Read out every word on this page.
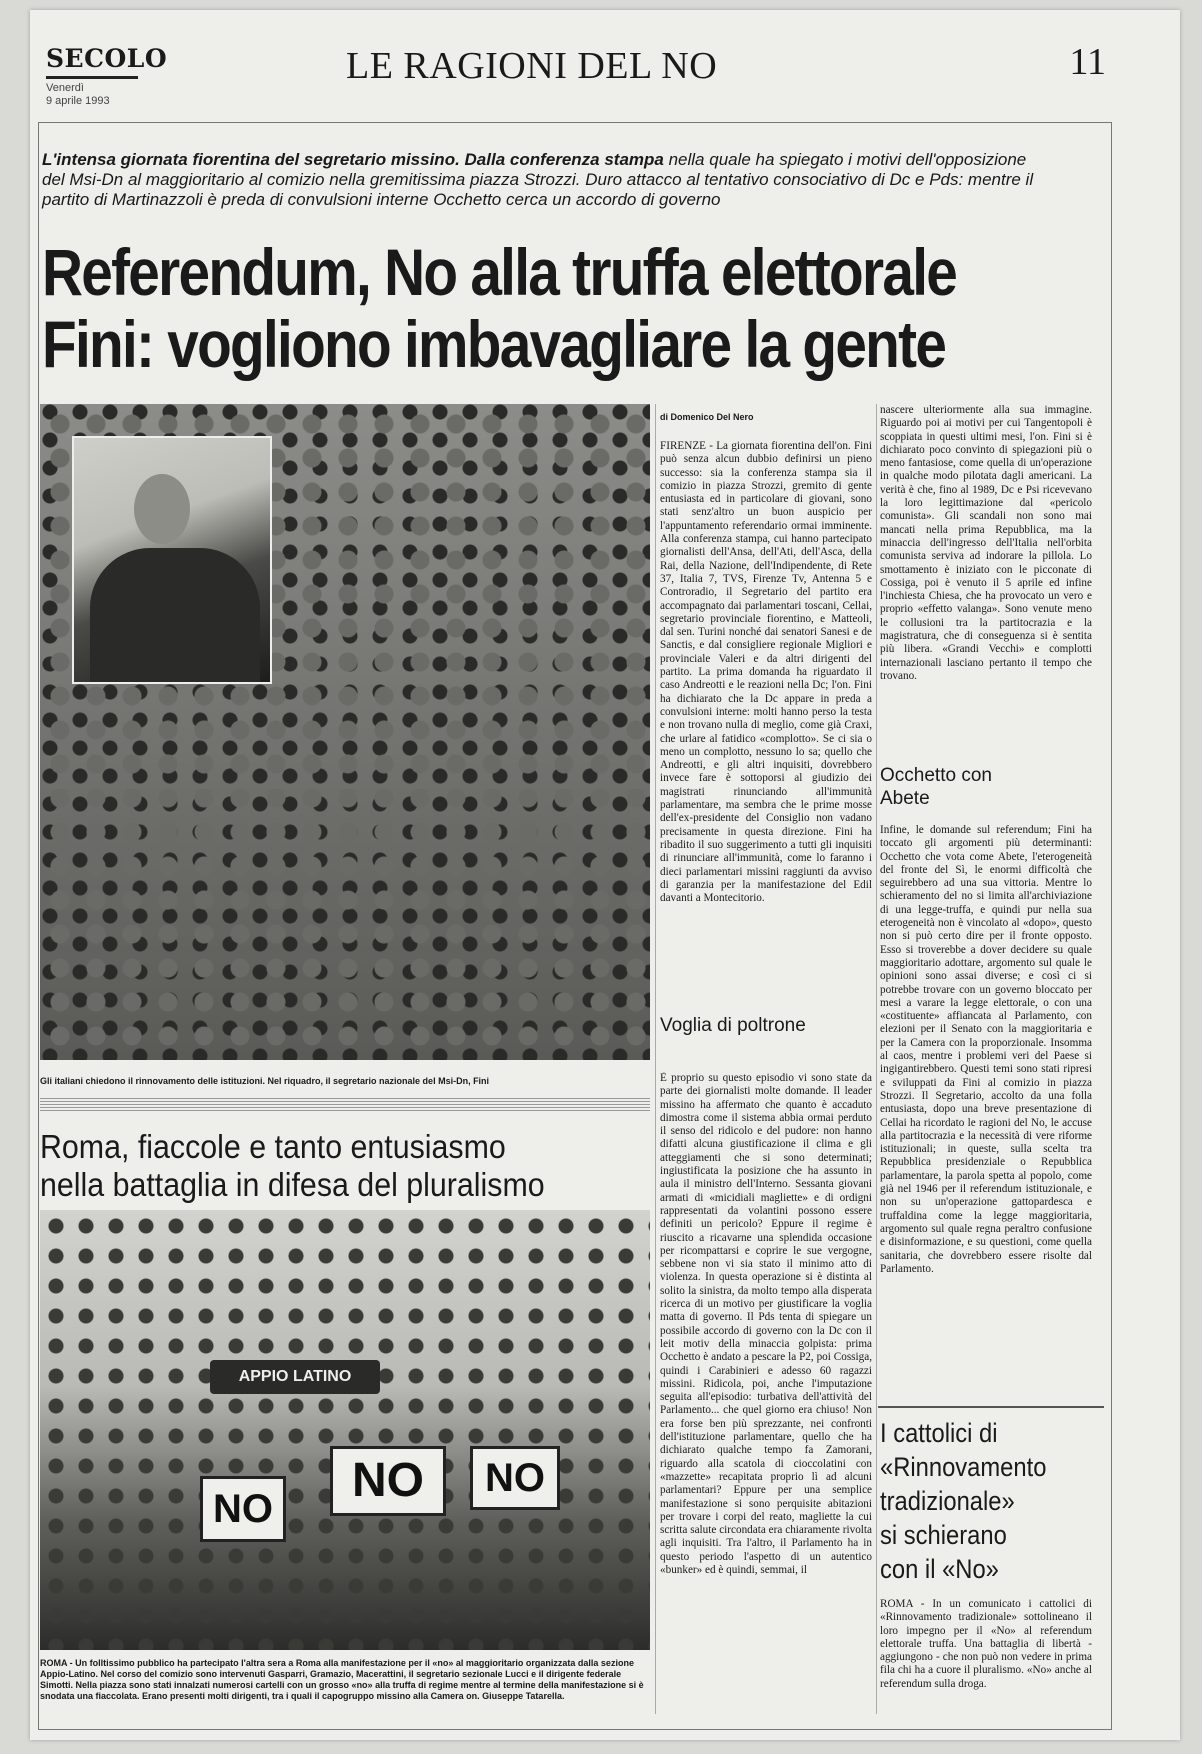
SECOLO
Venerdì
9 aprile 1993
LE RAGIONI DEL NO	11
L'intensa giornata fiorentina del segretario missino. Dalla conferenza stampa nella quale ha spiegato i motivi dell'opposizione del Msi-Dn al maggioritario al comizio nella gremitissima piazza Strozzi. Duro attacco al tentativo consociativo di Dc e Pds: mentre il partito di Martinazzoli è preda di convulsioni interne Occhetto cerca un accordo di governo
Referendum, No alla truffa elettorale
Fini: vogliono imbavagliare la gente
Gli italiani chiedono il rinnovamento delle istituzioni. Nel riquadro, il segretario nazionale del Msi-Dn, Fini
Roma, fiaccole e tanto entusiasmo
nella battaglia in difesa del pluralismo
APPIO LATINO
NO
NO
NO
ROMA - Un folltissimo pubblico ha partecipato l'altra sera a Roma alla manifestazione per il «no» al maggioritario organizzata dalla sezione Appio-Latino. Nel corso del comizio sono intervenuti Gasparri, Gramazio, Macerattini, il segretario sezionale Lucci e il dirigente federale Simotti. Nella piazza sono stati innalzati numerosi cartelli con un grosso «no» alla truffa di regime mentre al termine della manifestazione si è snodata una fiaccolata. Erano presenti molti dirigenti, tra i quali il capogruppo missino alla Camera on. Giuseppe Tatarella.
di Domenico Del Nero
FIRENZE - La giornata fiorentina dell'on. Fini può senza alcun dubbio definirsi un pieno successo: sia la conferenza stampa sia il comizio in piazza Strozzi, gremito di gente entusiasta ed in particolare di giovani, sono stati senz'altro un buon auspicio per l'appuntamento referendario ormai imminente. Alla conferenza stampa, cui hanno partecipato giornalisti dell'Ansa, dell'Ati, dell'Asca, della Rai, della Nazione, dell'Indipendente, di Rete 37, Italia 7, TVS, Firenze Tv, Antenna 5 e Controradio, il Segretario del partito era accompagnato dai parlamentari toscani, Cellai, segretario provinciale fiorentino, e Matteoli, dal sen. Turini nonché dai senatori Sanesi e de Sanctis, e dal consigliere regionale Migliori e provinciale Valeri e da altri dirigenti del partito. La prima domanda ha riguardato il caso Andreotti e le reazioni nella Dc; l'on. Fini ha dichiarato che la Dc appare in preda a convulsioni interne: molti hanno perso la testa e non trovano nulla di meglio, come già Craxi, che urlare al fatidico «complotto». Se ci sia o meno un complotto, nessuno lo sa; quello che Andreotti, e gli altri inquisiti, dovrebbero invece fare è sottoporsi al giudizio dei magistrati rinunciando all'immunità parlamentare, ma sembra che le prime mosse dell'ex-presidente del Consiglio non vadano precisamente in questa direzione. Fini ha ribadito il suo suggerimento a tutti gli inquisiti di rinunciare all'immunità, come lo faranno i dieci parlamentari missini raggiunti da avviso di garanzia per la manifestazione del Edil davanti a Montecitorio.
Voglia di poltrone
È proprio su questo episodio vi sono state da parte dei giornalisti molte domande. Il leader missino ha affermato che quanto è accaduto dimostra come il sistema abbia ormai perduto il senso del ridicolo e del pudore: non hanno difatti alcuna giustificazione il clima e gli atteggiamenti che si sono determinati; ingiustificata la posizione che ha assunto in aula il ministro dell'Interno. Sessanta giovani armati di «micidiali magliette» e di ordigni rappresentati da volantini possono essere definiti un pericolo? Eppure il regime è riuscito a ricavarne una splendida occasione per ricompattarsi e coprire le sue vergogne, sebbene non vi sia stato il minimo atto di violenza. In questa operazione si è distinta al solito la sinistra, da molto tempo alla disperata ricerca di un motivo per giustificare la voglia matta di governo. Il Pds tenta di spiegare un possibile accordo di governo con la Dc con il leit motiv della minaccia golpista: prima Occhetto è andato a pescare la P2, poi Cossiga, quindi i Carabinieri e adesso 60 ragazzi missini. Ridicola, poi, anche l'imputazione seguita all'episodio: turbativa dell'attività del Parlamento... che quel giorno era chiuso! Non era forse ben più sprezzante, nei confronti dell'istituzione parlamentare, quello che ha dichiarato qualche tempo fa Zamorani, riguardo alla scatola di cioccolatini con «mazzette» recapitata proprio lì ad alcuni parlamentari? Eppure per una semplice manifestazione si sono perquisite abitazioni per trovare i corpi del reato, magliette la cui scritta salute circondata era chiaramente rivolta agli inquisiti. Tra l'altro, il Parlamento ha in questo periodo l'aspetto di un autentico «bunker» ed è quindi, semmai, il
nascere ulteriormente alla sua immagine. Riguardo poi ai motivi per cui Tangentopoli è scoppiata in questi ultimi mesi, l'on. Fini si è dichiarato poco convinto di spiegazioni più o meno fantasiose, come quella di un'operazione in qualche modo pilotata dagli americani. La verità è che, fino al 1989, Dc e Psi ricevevano la loro legittimazione dal «pericolo comunista». Gli scandali non sono mai mancati nella prima Repubblica, ma la minaccia dell'ingresso dell'Italia nell'orbita comunista serviva ad indorare la pillola. Lo smottamento è iniziato con le picconate di Cossiga, poi è venuto il 5 aprile ed infine l'inchiesta Chiesa, che ha provocato un vero e proprio «effetto valanga». Sono venute meno le collusioni tra la partitocrazia e la magistratura, che di conseguenza si è sentita più libera. «Grandi Vecchi» e complotti internazionali lasciano pertanto il tempo che trovano.
Occhetto con Abete
Infine, le domande sul referendum; Fini ha toccato gli argomenti più determinanti: Occhetto che vota come Abete, l'eterogeneità del fronte del Sì, le enormi difficoltà che seguirebbero ad una sua vittoria. Mentre lo schieramento del no si limita all'archiviazione di una legge-truffa, e quindi pur nella sua eterogeneità non è vincolato al «dopo», questo non si può certo dire per il fronte opposto. Esso si troverebbe a dover decidere su quale maggioritario adottare, argomento sul quale le opinioni sono assai diverse; e così ci si potrebbe trovare con un governo bloccato per mesi a varare la legge elettorale, o con una «costituente» affiancata al Parlamento, con elezioni per il Senato con la maggioritaria e per la Camera con la proporzionale. Insomma al caos, mentre i problemi veri del Paese si ingigantirebbero. Questi temi sono stati ripresi e sviluppati da Fini al comizio in piazza Strozzi. Il Segretario, accolto da una folla entusiasta, dopo una breve presentazione di Cellai ha ricordato le ragioni del No, le accuse alla partitocrazia e la necessità di vere riforme istituzionali; in queste, sulla scelta tra Repubblica presidenziale o Repubblica parlamentare, la parola spetta al popolo, come già nel 1946 per il referendum istituzionale, e non su un'operazione gattopardesca e truffaldina come la legge maggioritaria, argomento sul quale regna peraltro confusione e disinformazione, e su questioni, come quella sanitaria, che dovrebbero essere risolte dal Parlamento.
I cattolici di
«Rinnovamento
tradizionale»
si schierano
con il «No»
ROMA - In un comunicato i cattolici di «Rinnovamento tradizionale» sottolineano il loro impegno per il «No» al referendum elettorale truffa. Una battaglia di libertà - aggiungono - che non può non vedere in prima fila chi ha a cuore il pluralismo. «No» anche al referendum sulla droga.
